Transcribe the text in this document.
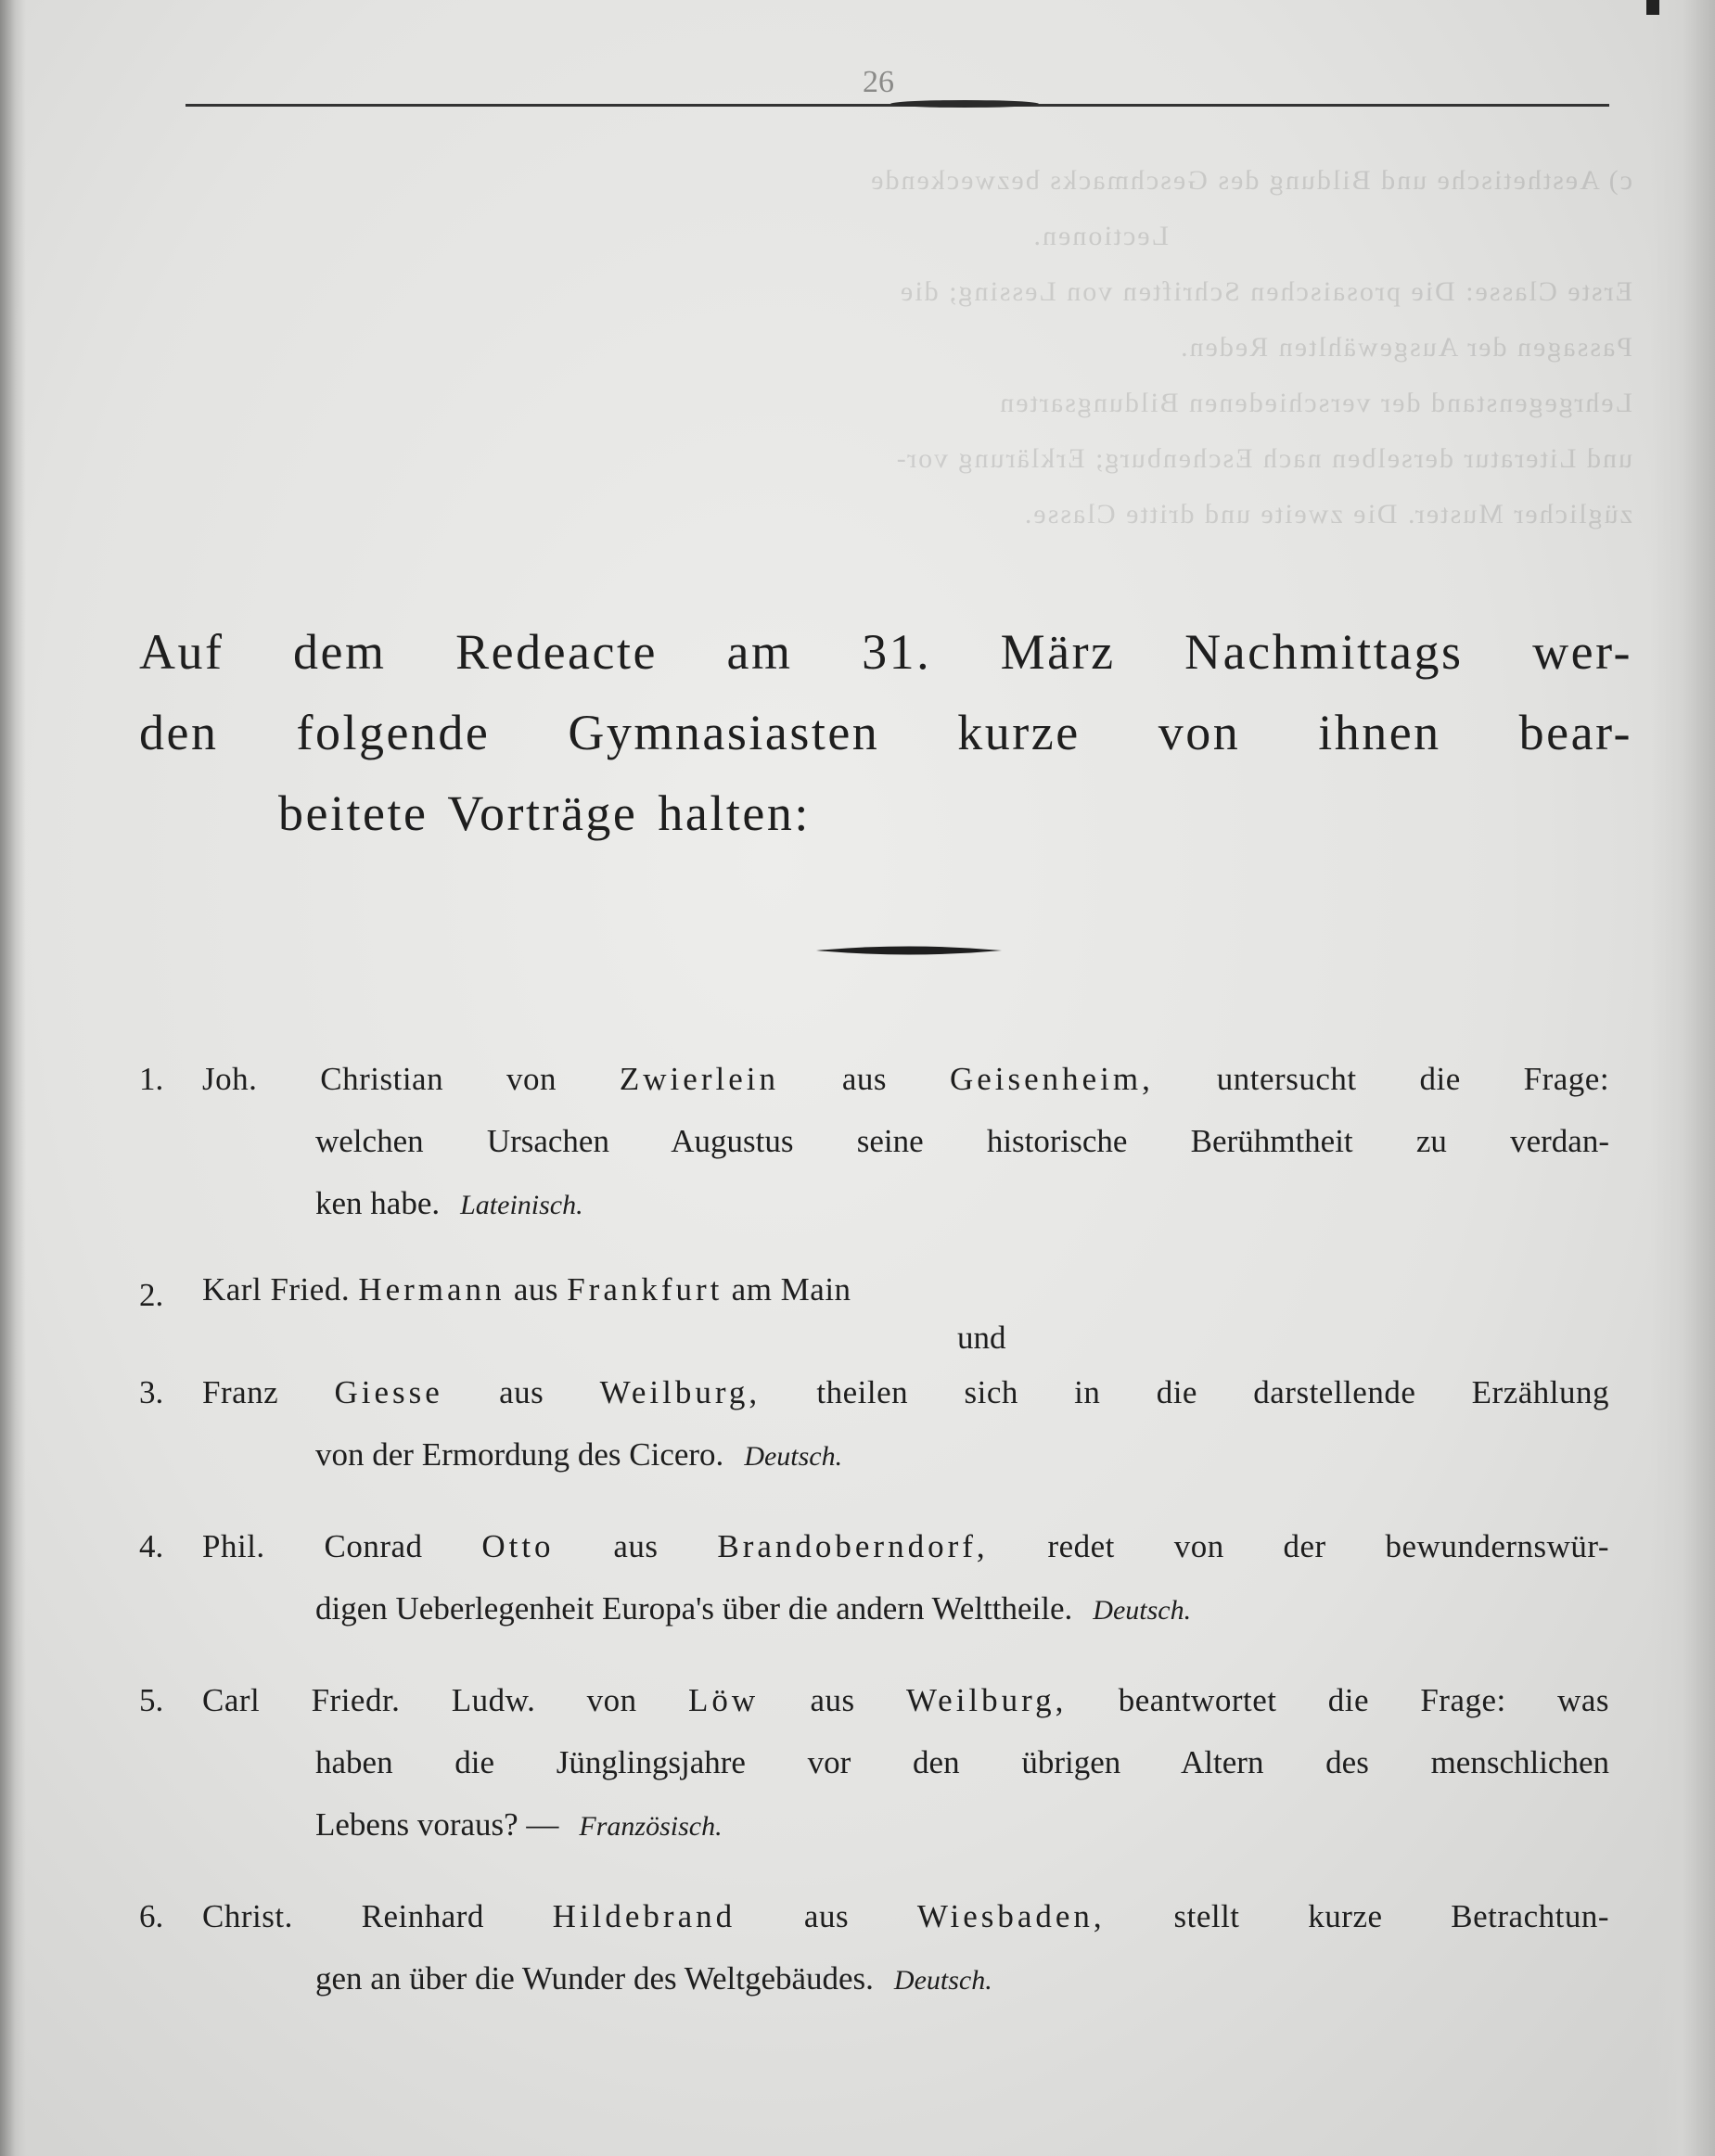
26

c) Aesthetische und Bildung des Geschmacks bezweckende

Lectionen.

Erste Classe: Die prosaischen Schriften von Lessing; die

Passagen der Ausgewählten Reden.

Lehrgegenstand der verschiedenen Bildungsarten

und Literatur derselben nach Eschenburg; Erklärung vor-

züglicher Muster. Die zweite und dritte Classe.

Auf dem Redeacte am 31. März Nachmittags wer-
den folgende Gymnasiasten kurze von ihnen bear-
beitete Vorträge halten:
1.	Joh. Christian von Zwierlein aus Geisenheim, untersucht die Frage:
welchen Ursachen Augustus seine historische Berühmtheit zu verdan-
ken habe. Lateinisch.
2.	Karl Fried. Hermann aus Frankfurt am Main
und
3.	Franz Giesse aus Weilburg, theilen sich in die darstellende Erzählung
von der Ermordung des Cicero. Deutsch.
4.	Phil. Conrad Otto aus Brandoberndorf, redet von der bewundernswür-
digen Ueberlegenheit Europa's über die andern Welttheile. Deutsch.
5.	Carl Friedr. Ludw. von Löw aus Weilburg, beantwortet die Frage: was
haben die Jünglingsjahre vor den übrigen Altern des menschlichen
Lebens voraus? — Französisch.
6.	Christ. Reinhard Hildebrand aus Wiesbaden, stellt kurze Betrachtun-
gen an über die Wunder des Weltgebäudes. Deutsch.
